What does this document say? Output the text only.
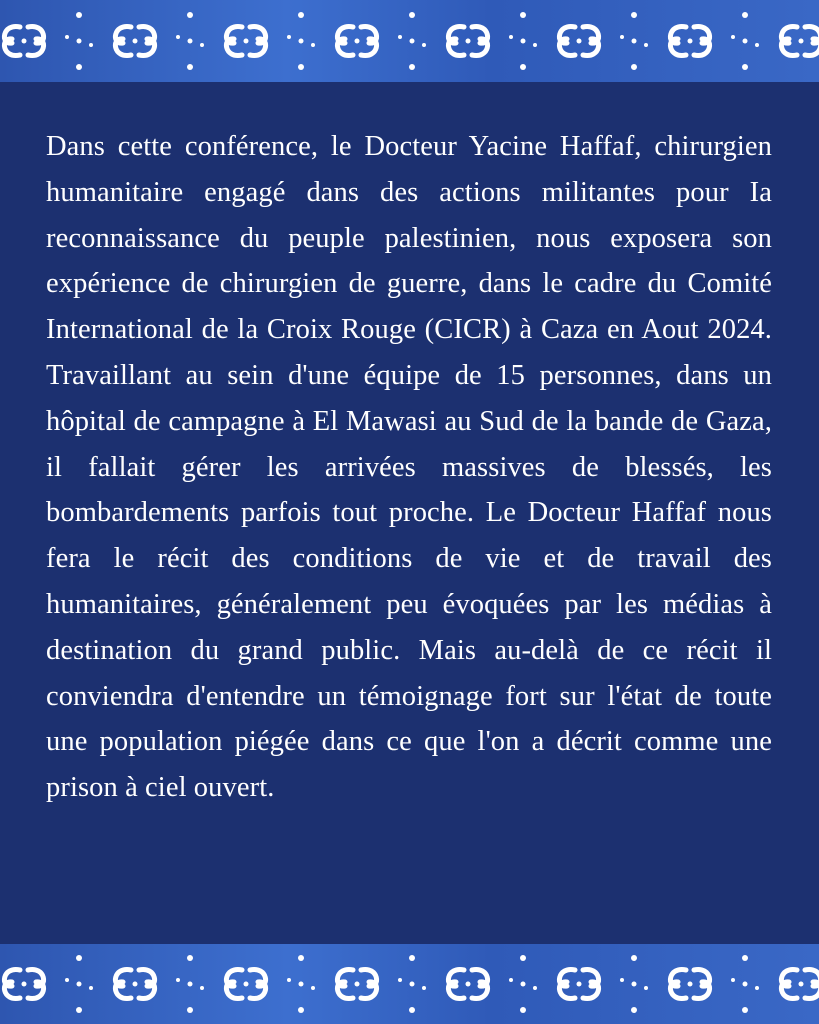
Dans cette conférence, le Docteur Yacine Haffaf, chirurgien humanitaire engagé dans des actions militantes pour Ia reconnaissance du peuple palestinien, nous exposera son expérience de chirurgien de guerre, dans le cadre du Comité International de la Croix Rouge (CICR) à Caza en Aout 2024. Travaillant au sein d'une équipe de 15 personnes, dans un hôpital de campagne à El Mawasi au Sud de la bande de Gaza, il fallait gérer les arrivées massives de blessés, les bombardements parfois tout proche. Le Docteur Haffaf nous fera le récit des conditions de vie et de travail des humanitaires, généralement peu évoquées par les médias à destination du grand public. Mais au-delà de ce récit il conviendra d'entendre un témoignage fort sur l'état de toute une population piégée dans ce que l'on a décrit comme une prison à ciel ouvert.
